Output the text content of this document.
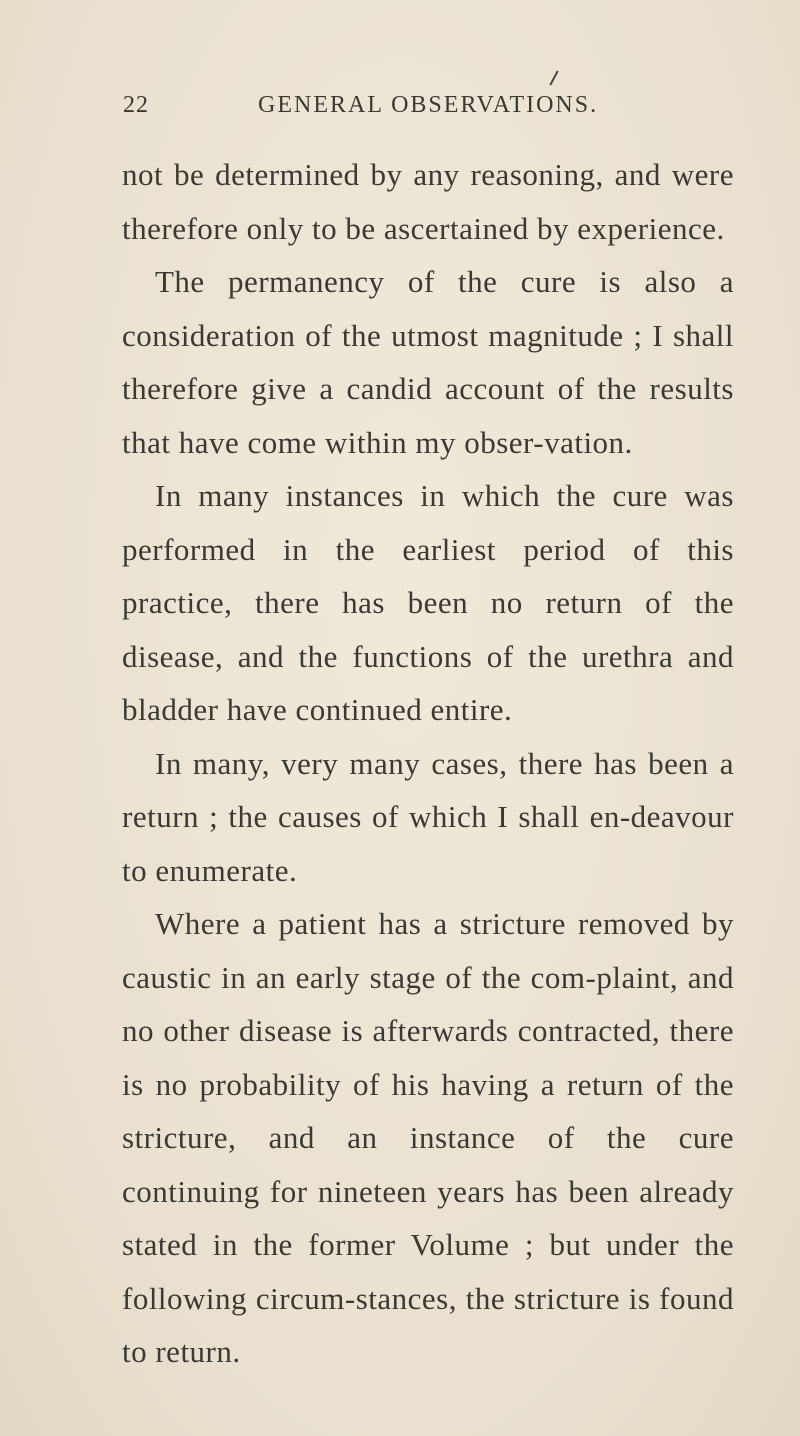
22	GENERAL OBSERVATIONS.

not be determined by any reasoning, and were therefore only to be ascertained by experience.

The permanency of the cure is also a consideration of the utmost magnitude ; I shall therefore give a candid account of the results that have come within my obser-vation.

In many instances in which the cure was performed in the earliest period of this practice, there has been no return of the disease, and the functions of the urethra and bladder have continued entire.

In many, very many cases, there has been a return ; the causes of which I shall en-deavour to enumerate.

Where a patient has a stricture removed by caustic in an early stage of the com-plaint, and no other disease is afterwards contracted, there is no probability of his having a return of the stricture, and an instance of the cure continuing for nineteen years has been already stated in the former Volume ; but under the following circum-stances, the stricture is found to return.
